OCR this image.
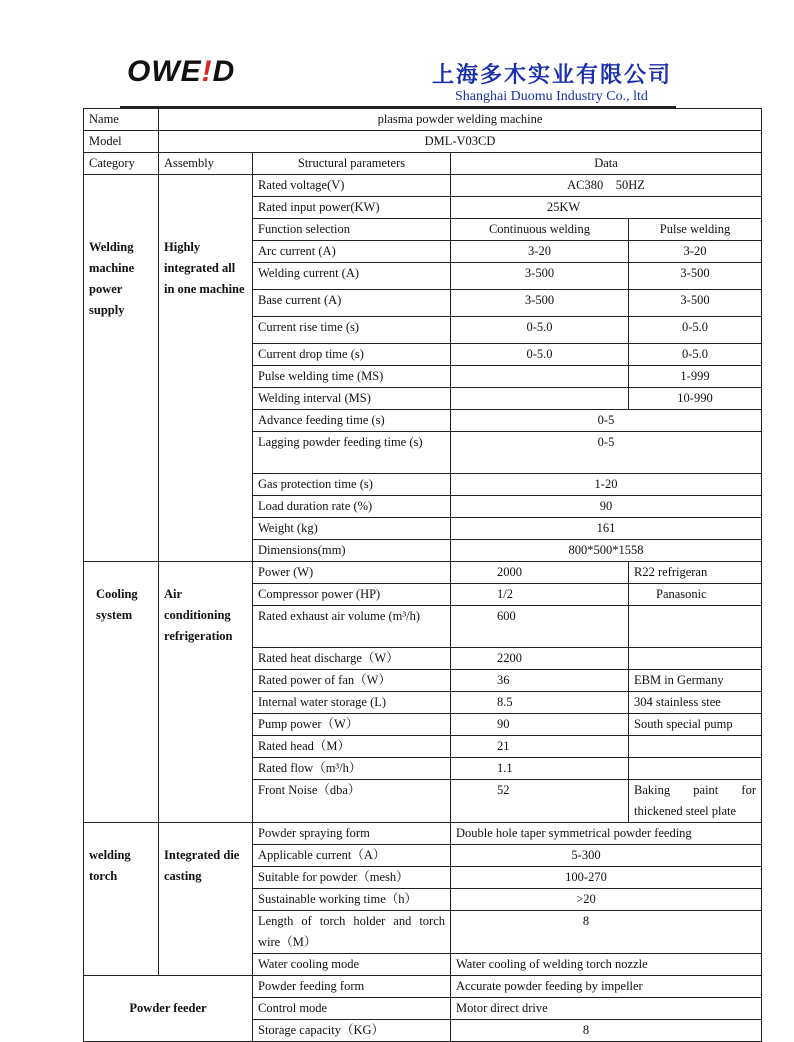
OWE!D	上海多木实业有限公司
Shanghai Duomu Industry Co., ltd
Name	plasma powder welding machine			
Model	DML-V03CD			
Category	Assembly	Structural parameters	Data	
Welding machine power supply	Highly integrated all in one machine	Rated voltage(V)	AC380　50HZ	
		Rated input power(KW)	25KW	
		Function selection	Continuous welding	Pulse welding
		Arc current (A)	3-20	3-20
		Welding current (A)	3-500	3-500
		Base current (A)	3-500	3-500
		Current rise time (s)	0-5.0	0-5.0
		Current drop time (s)	0-5.0	0-5.0
		Pulse welding time (MS)		1-999
		Welding interval (MS)		10-990
		Advance feeding time (s)	0-5	
		Lagging powder feeding time (s)	0-5	
		Gas protection time (s)	1-20	
		Load duration rate (%)	90	
		Weight (kg)	161	
		Dimensions(mm)	800*500*1558	
Cooling system	Air conditioning refrigeration	Power (W)	2000	R22 refrigeran
		Compressor power (HP)	1/2	Panasonic
		Rated exhaust air volume (m³/h)	600	
		Rated heat discharge（W）	2200	
		Rated power of fan（W）	36	EBM in Germany
		Internal water storage (L)	8.5	304 stainless stee
		Pump power（W）	90	South special pump
		Rated head（M）	21	
		Rated flow（m³/h）	1.1	
		Front Noise（dba）	52	Baking paint for thickened steel plate
welding torch	Integrated die casting	Powder spraying form	Double hole taper symmetrical powder feeding	
		Applicable current（A）	5-300	
		Suitable for powder（mesh）	100-270	
		Sustainable working time（h）	>20	
		Length of torch holder and torch wire（M）	8	
		Water cooling mode	Water cooling of welding torch nozzle	
Powder feeder		Powder feeding form	Accurate powder feeding by impeller	
		Control mode	Motor direct drive	
		Storage capacity（KG）	8	
